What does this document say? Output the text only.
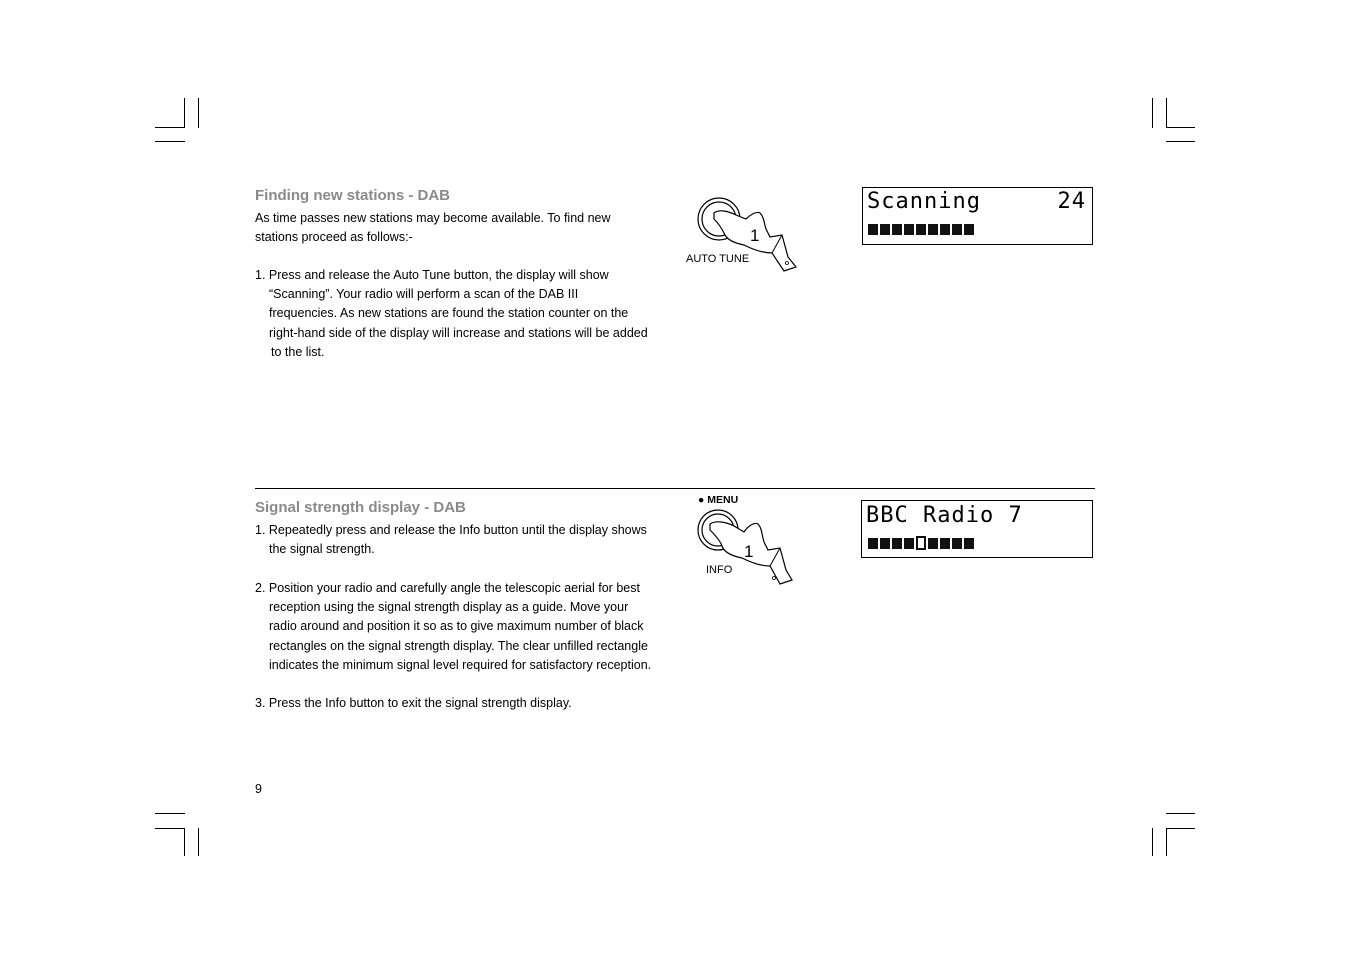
Finding new stations - DAB
As time passes new stations may become available. To find new
stations proceed as follows:-
1. Press and release the Auto Tune button, the display will show
“Scanning”. Your radio will perform a scan of the DAB III
frequencies. As new stations are found the station counter on the
right-hand side of the display will increase and stations will be added
to the list.
1
AUTO TUNE
Scanning	24
Signal strength display - DAB
1. Repeatedly press and release the Info button until the display shows
the signal strength.
2. Position your radio and carefully angle the telescopic aerial for best
reception using the signal strength display as a guide. Move your
radio around and position it so as to give maximum number of black
rectangles on the signal strength display. The clear unfilled rectangle
indicates the minimum signal level required for satisfactory reception.
3. Press the Info button to exit the signal strength display.
● MENU
1
INFO
BBC Radio 7
9
